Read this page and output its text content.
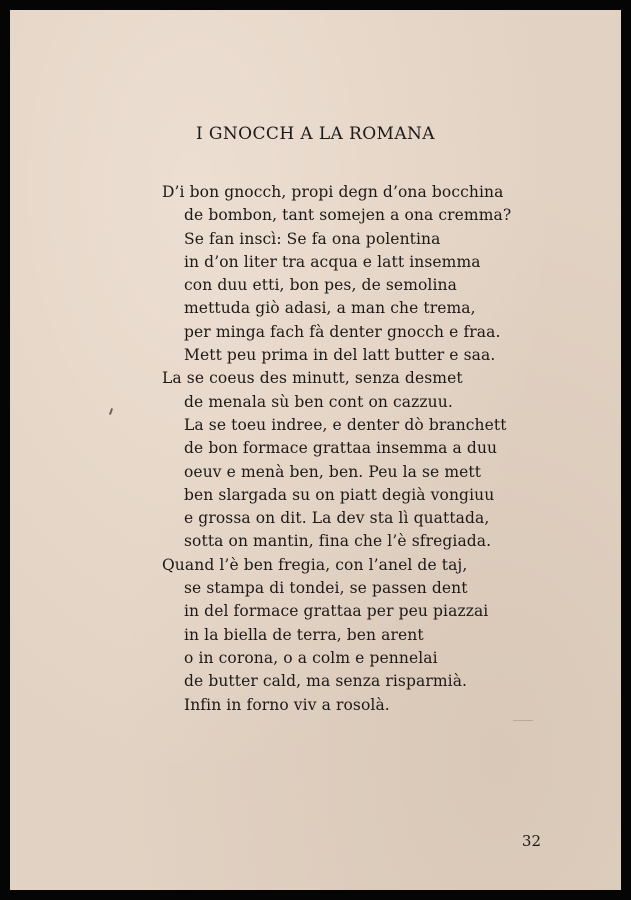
I GNOCCH A LA ROMANA
D’i bon gnocch, propi degn d’ona bocchina
de bombon, tant somejen a ona cremma?
Se fan inscì: Se fa ona polentina
in d’on liter tra acqua e latt insemma
con duu etti, bon pes, de semolina
mettuda giò adasi, a man che trema,
per minga fach fà denter gnocch e fraa.
Mett peu prima in del latt butter e saa.
La se coeus des minutt, senza desmet
de menala sù ben cont on cazzuu.
La se toeu indree, e denter dò branchett
de bon formace grattaa insemma a duu
oeuv e menà ben, ben. Peu la se mett
ben slargada su on piatt degià vongiuu
e grossa on dit. La dev sta lì quattada,
sotta on mantin, fina che l’è sfregiada.
Quand l’è ben fregia, con l’anel de taj,
se stampa di tondei, se passen dent
in del formace grattaa per peu piazzai
in la biella de terra, ben arent
o in corona, o a colm e pennelai
de butter cald, ma senza risparmià.
Infin in forno viv a rosolà.
32
